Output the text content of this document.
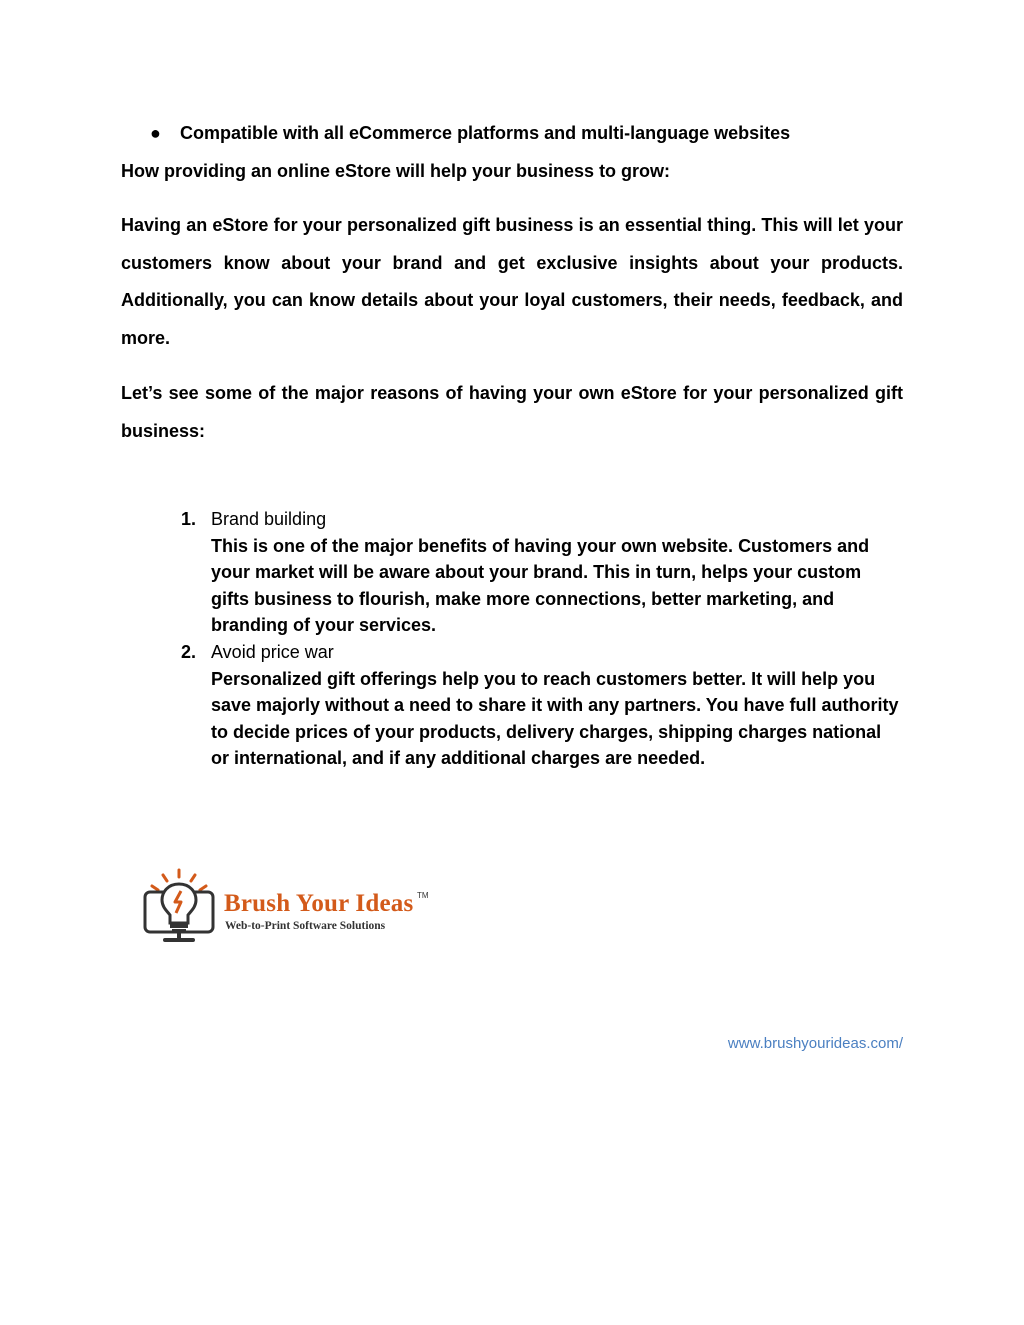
● Compatible with all eCommerce platforms and multi-language websites
How providing an online eStore will help your business to grow:

Having an eStore for your personalized gift business is an essential thing. This will let your customers know about your brand and get exclusive insights about your products. Additionally, you can know details about your loyal customers, their needs, feedback, and more.

Let’s see some of the major reasons of having your own eStore for your personalized gift business:

1. Brand building
This is one of the major benefits of having your own website. Customers and your market will be aware about your brand. This in turn, helps your custom gifts business to flourish, make more connections, better marketing, and branding of your services.
2. Avoid price war
Personalized gift offerings help you to reach customers better. It will help you save majorly without a need to share it with any partners. You have full authority to decide prices of your products, delivery charges, shipping charges national or international, and if any additional charges are needed.
Brush Your Ideas TM
Web-to-Print Software Solutions
www.brushyourideas.com/
